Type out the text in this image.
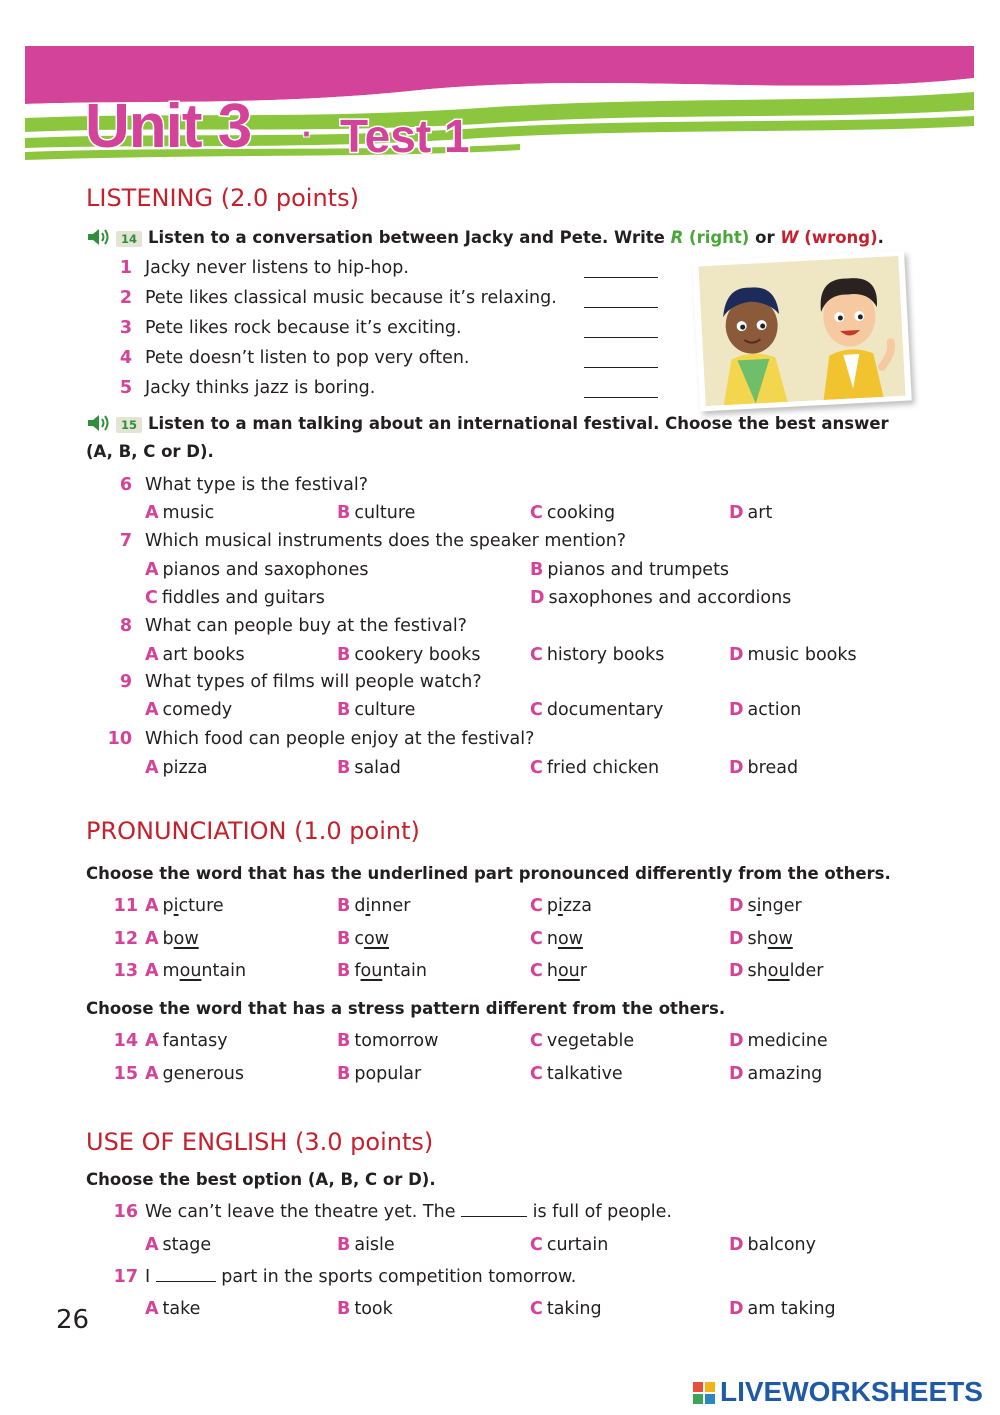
Unit 3 · Test 1
LISTENING (2.0 points)
14 Listen to a conversation between Jacky and Pete. Write R (right) or W (wrong).
1 Jacky never listens to hip-hop.
2 Pete likes classical music because it’s relaxing.
3 Pete likes rock because it’s exciting.
4 Pete doesn’t listen to pop very often.
5 Jacky thinks jazz is boring.
15 Listen to a man talking about an international festival. Choose the best answer
(A, B, C or D).
6 What type is the festival?
A music	B culture	C cooking	D art
7 Which musical instruments does the speaker mention?
A pianos and saxophones	B pianos and trumpets
C fiddles and guitars	D saxophones and accordions
8 What can people buy at the festival?
A art books	B cookery books	C history books	D music books
9 What types of films will people watch?
A comedy	B culture	C documentary	D action
10 Which food can people enjoy at the festival?
A pizza	B salad	C fried chicken	D bread
PRONUNCIATION (1.0 point)
Choose the word that has the underlined part pronounced differently from the others.
11 A picture	B dinner	C pizza	D singer
12 A bow	B cow	C now	D show
13 A mountain	B fountain	C hour	D shoulder
Choose the word that has a stress pattern different from the others.
14 A fantasy	B tomorrow	C vegetable	D medicine
15 A generous	B popular	C talkative	D amazing
USE OF ENGLISH (3.0 points)
Choose the best option (A, B, C or D).
16 We can’t leave the theatre yet. The	is full of people.
A stage	B aisle	C curtain	D balcony
17 I	part in the sports competition tomorrow.
A take	B took	C taking	D am taking
26
LIVEWORKSHEETS
